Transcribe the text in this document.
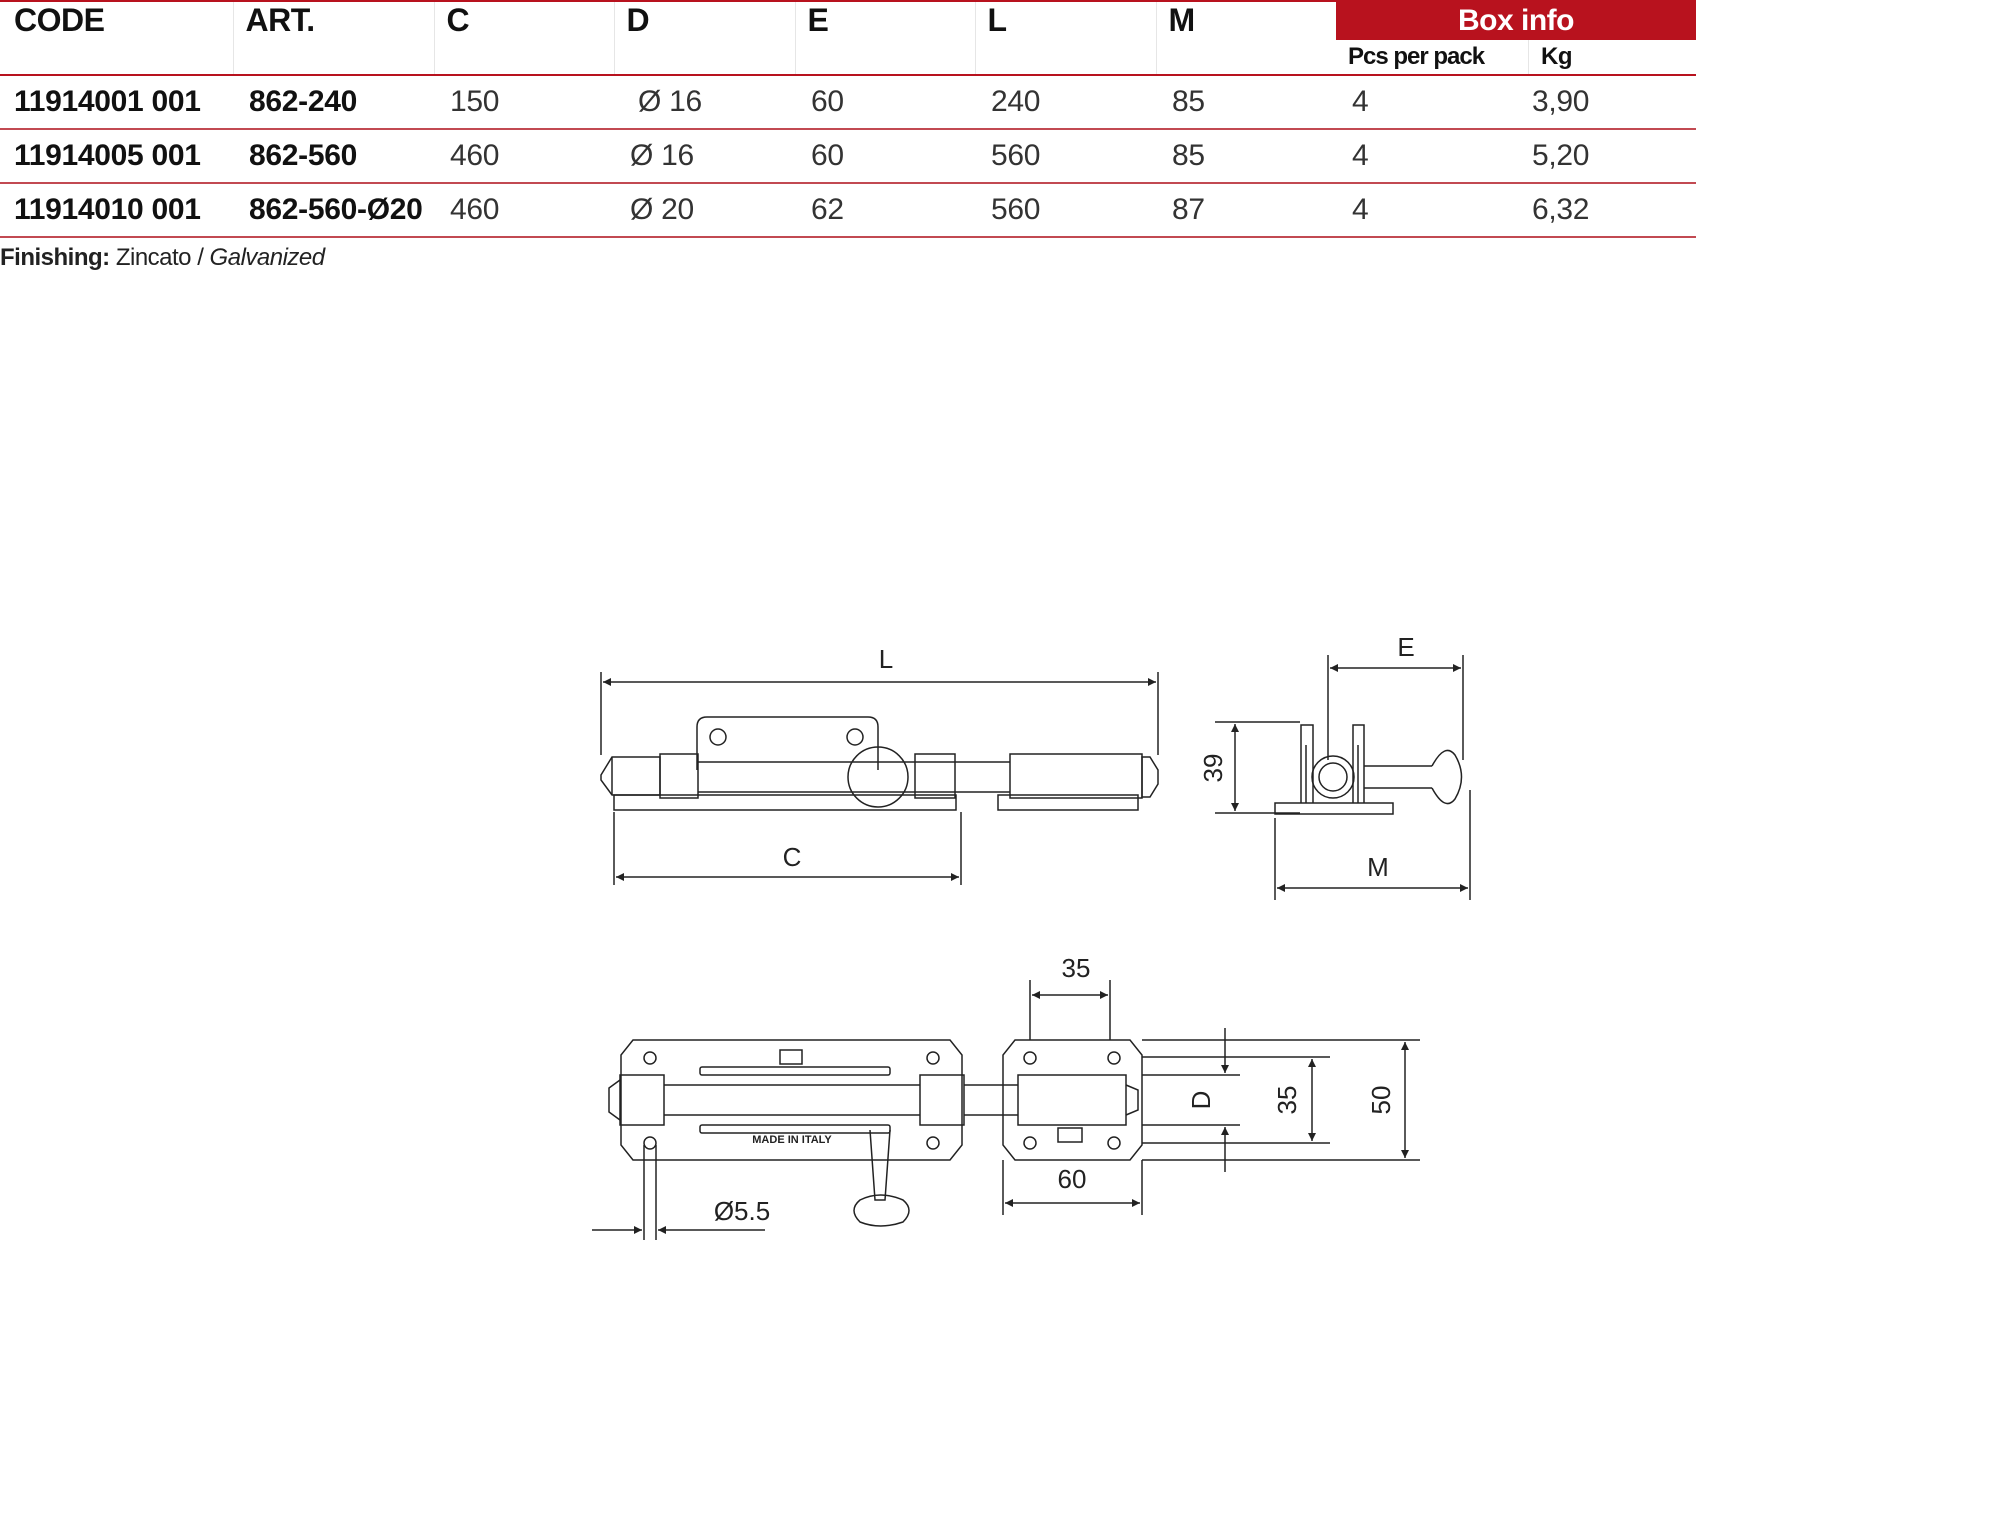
CODE	ART.	C	D	E	L	M	Box info
Pcs per pack Kg	

11914001 001	862-240	150	Ø 16	60	240	85	4	3,90
11914005 001	862-560	460	Ø 16	60	560	85	4	5,20
11914010 001	862-560-Ø20	460	Ø 20	62	560	87	4	6,32
Finishing: Zincato / Galvanized
L
C
E
M
39
35
60
D 35 50
Ø5.5
MADE IN ITALY
